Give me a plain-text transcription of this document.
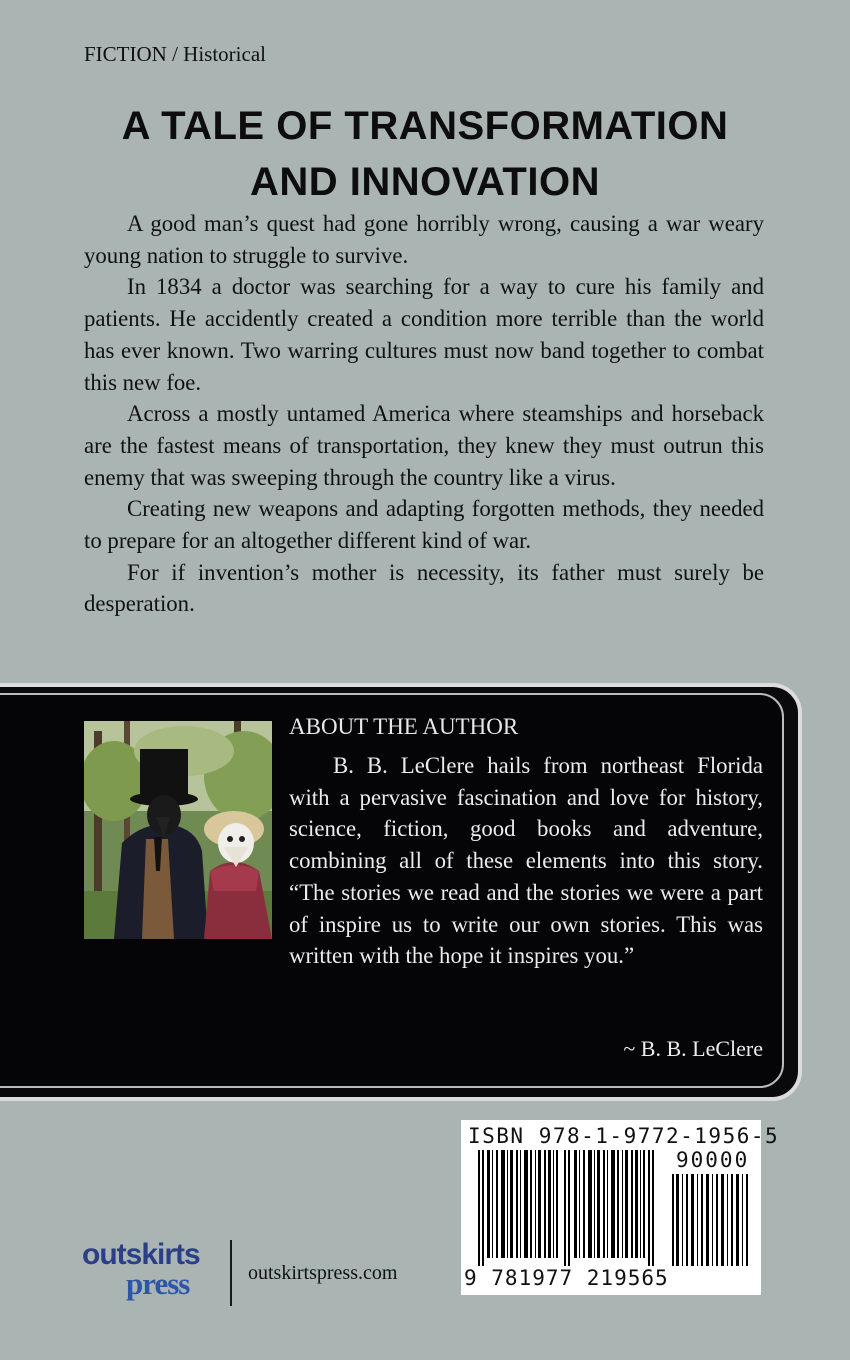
FICTION / Historical
A TALE OF TRANSFORMATION
AND INNOVATION

A good man’s quest had gone horribly wrong, causing a war weary young nation to struggle to survive.

In 1834 a doctor was searching for a way to cure his family and patients. He accidently created a condition more terrible than the world has ever known. Two warring cultures must now band together to combat this new foe.

Across a mostly untamed America where steamships and horseback are the fastest means of transportation, they knew they must outrun this enemy that was sweeping through the country like a virus.

Creating new weapons and adapting forgotten methods, they needed to prepare for an altogether different kind of war.

For if invention’s mother is necessity, its father must surely be desperation.

ABOUT THE AUTHOR

B. B. LeClere hails from northeast Florida with a pervasive fascination and love for history, science, fiction, good books and adventure, combining all of these elements into this story. “The stories we read and the stories we were a part of inspire us to write our own stories. This was written with the hope it inspires you.”

~ B. B. LeClere
ISBN 978-1-9772-1956-5
90000
9 781977 219565
outskirts
press	outskirtspress.com
